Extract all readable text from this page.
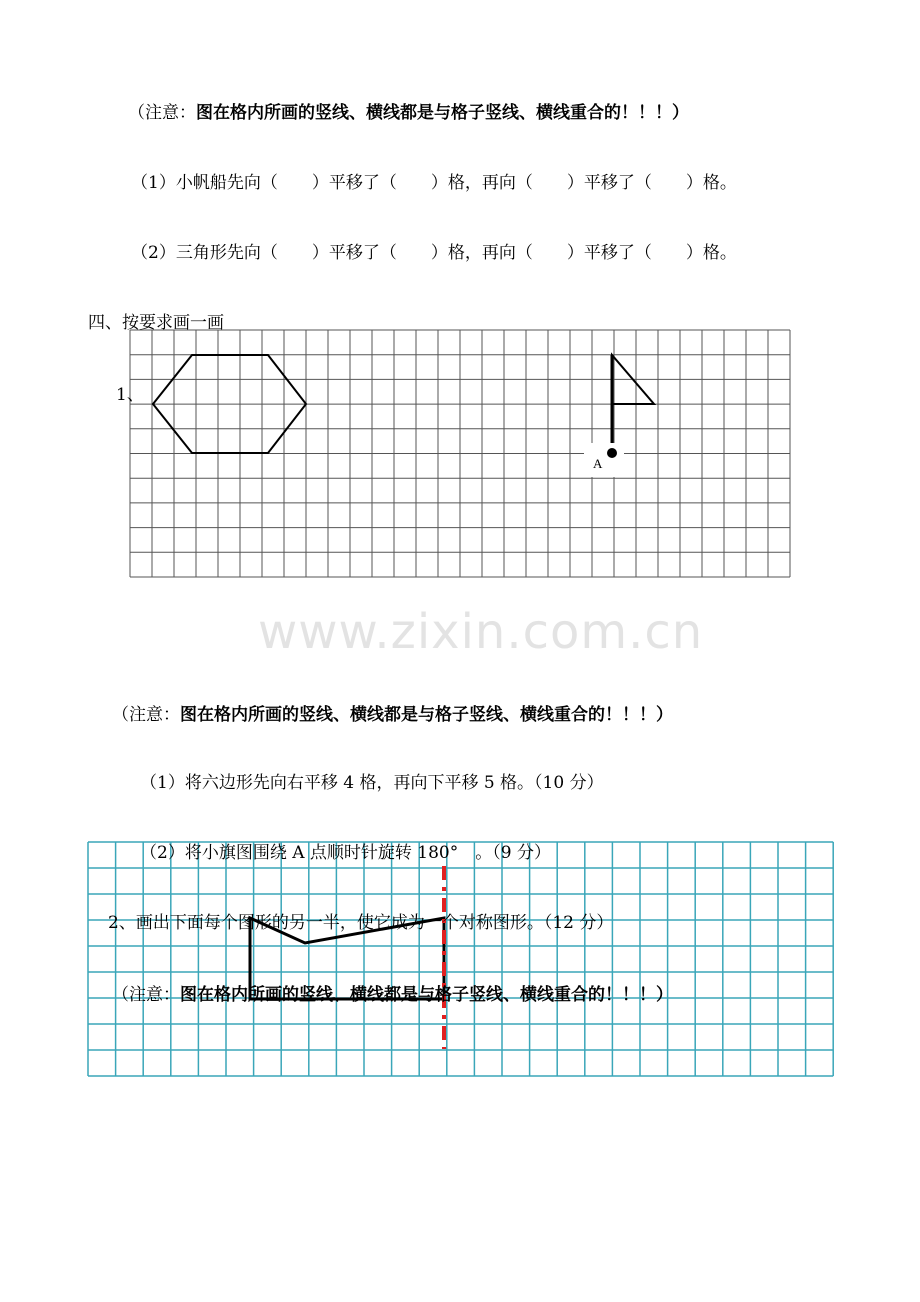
（注意：图在格内所画的竖线、横线都是与格子竖线、横线重合的！！！）
（1）小帆船先向（　　）平移了（　　）格，再向（　　）平移了（　　）格。
（2）三角形先向（　　）平移了（　　）格，再向（　　）平移了（　　）格。
四、按要求画一画
1、
（注意：图在格内所画的竖线、横线都是与格子竖线、横线重合的！！！）
www.zixin.com.cn
（1）将六边形先向右平移 4 格，再向下平移 5 格。（10 分）
（2）将小旗图围绕 A 点顺时针旋转 180°　。（9 分）
2、画出下面每个图形的另一半，使它成为一个对称图形。（12 分）
（注意：图在格内所画的竖线、横线都是与格子竖线、横线重合的！！！）
A
